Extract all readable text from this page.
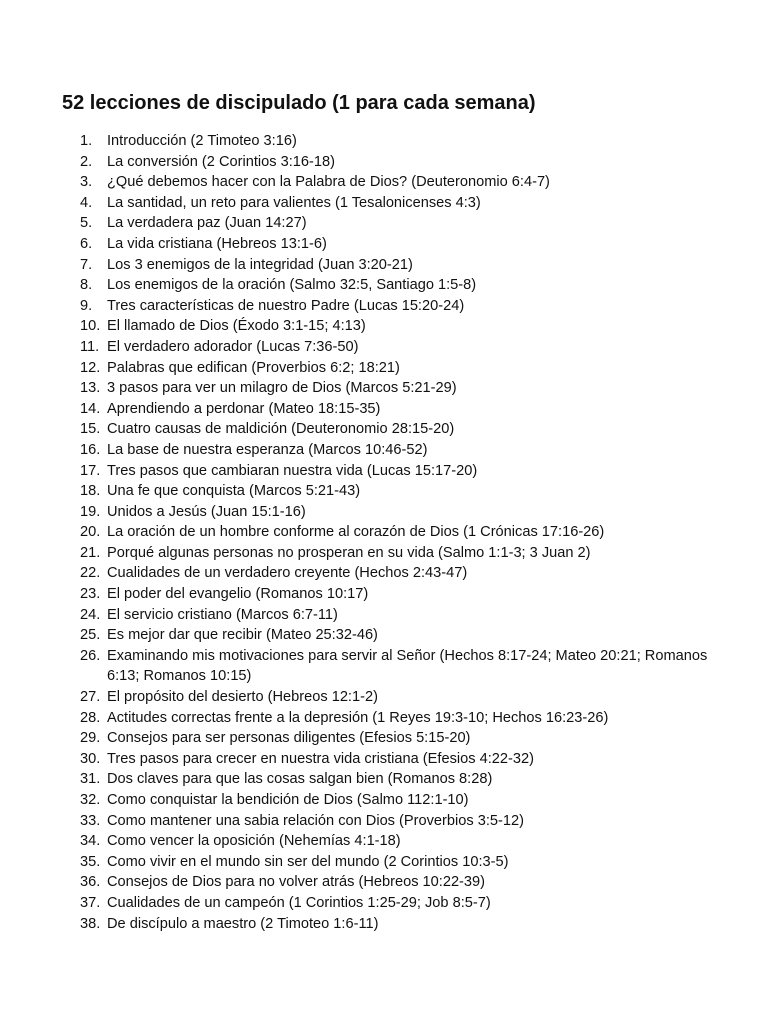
52 lecciones de discipulado (1 para cada semana)
1.	Introducción (2 Timoteo 3:16)
2.	La conversión (2 Corintios 3:16-18)
3.	¿Qué debemos hacer con la Palabra de Dios? (Deuteronomio 6:4-7)
4.	La santidad, un reto para valientes (1 Tesalonicenses 4:3)
5.	La verdadera paz (Juan 14:27)
6.	La vida cristiana (Hebreos 13:1-6)
7.	Los 3 enemigos de la integridad (Juan 3:20-21)
8.	Los enemigos de la oración (Salmo 32:5, Santiago 1:5-8)
9.	Tres características de nuestro Padre (Lucas 15:20-24)
10. El llamado de Dios (Éxodo 3:1-15; 4:13)
11. El verdadero adorador (Lucas 7:36-50)
12. Palabras que edifican (Proverbios 6:2; 18:21)
13. 3 pasos para ver un milagro de Dios (Marcos 5:21-29)
14. Aprendiendo a perdonar (Mateo 18:15-35)
15. Cuatro causas de maldición (Deuteronomio 28:15-20)
16. La base de nuestra esperanza (Marcos 10:46-52)
17. Tres pasos que cambiaran nuestra vida (Lucas 15:17-20)
18. Una fe que conquista (Marcos 5:21-43)
19. Unidos a Jesús (Juan 15:1-16)
20. La oración de un hombre conforme al corazón de Dios (1 Crónicas 17:16-26)
21. Porqué algunas personas no prosperan en su vida (Salmo 1:1-3; 3 Juan 2)
22. Cualidades de un verdadero creyente (Hechos 2:43-47)
23. El poder del evangelio (Romanos 10:17)
24. El servicio cristiano (Marcos 6:7-11)
25. Es mejor dar que recibir (Mateo 25:32-46)
26. Examinando mis motivaciones para servir al Señor (Hechos 8:17-24; Mateo 20:21; Romanos 6:13; Romanos 10:15)
27. El propósito del desierto (Hebreos 12:1-2)
28. Actitudes correctas frente a la depresión (1 Reyes 19:3-10; Hechos 16:23-26)
29. Consejos para ser personas diligentes (Efesios 5:15-20)
30. Tres pasos para crecer en nuestra vida cristiana (Efesios 4:22-32)
31. Dos claves para que las cosas salgan bien (Romanos 8:28)
32. Como conquistar la bendición de Dios (Salmo 112:1-10)
33. Como mantener una sabia relación con Dios (Proverbios 3:5-12)
34. Como vencer la oposición (Nehemías 4:1-18)
35. Como vivir en el mundo sin ser del mundo (2 Corintios 10:3-5)
36. Consejos de Dios para no volver atrás (Hebreos 10:22-39)
37. Cualidades de un campeón (1 Corintios 1:25-29; Job 8:5-7)
38. De discípulo a maestro (2 Timoteo 1:6-11)
